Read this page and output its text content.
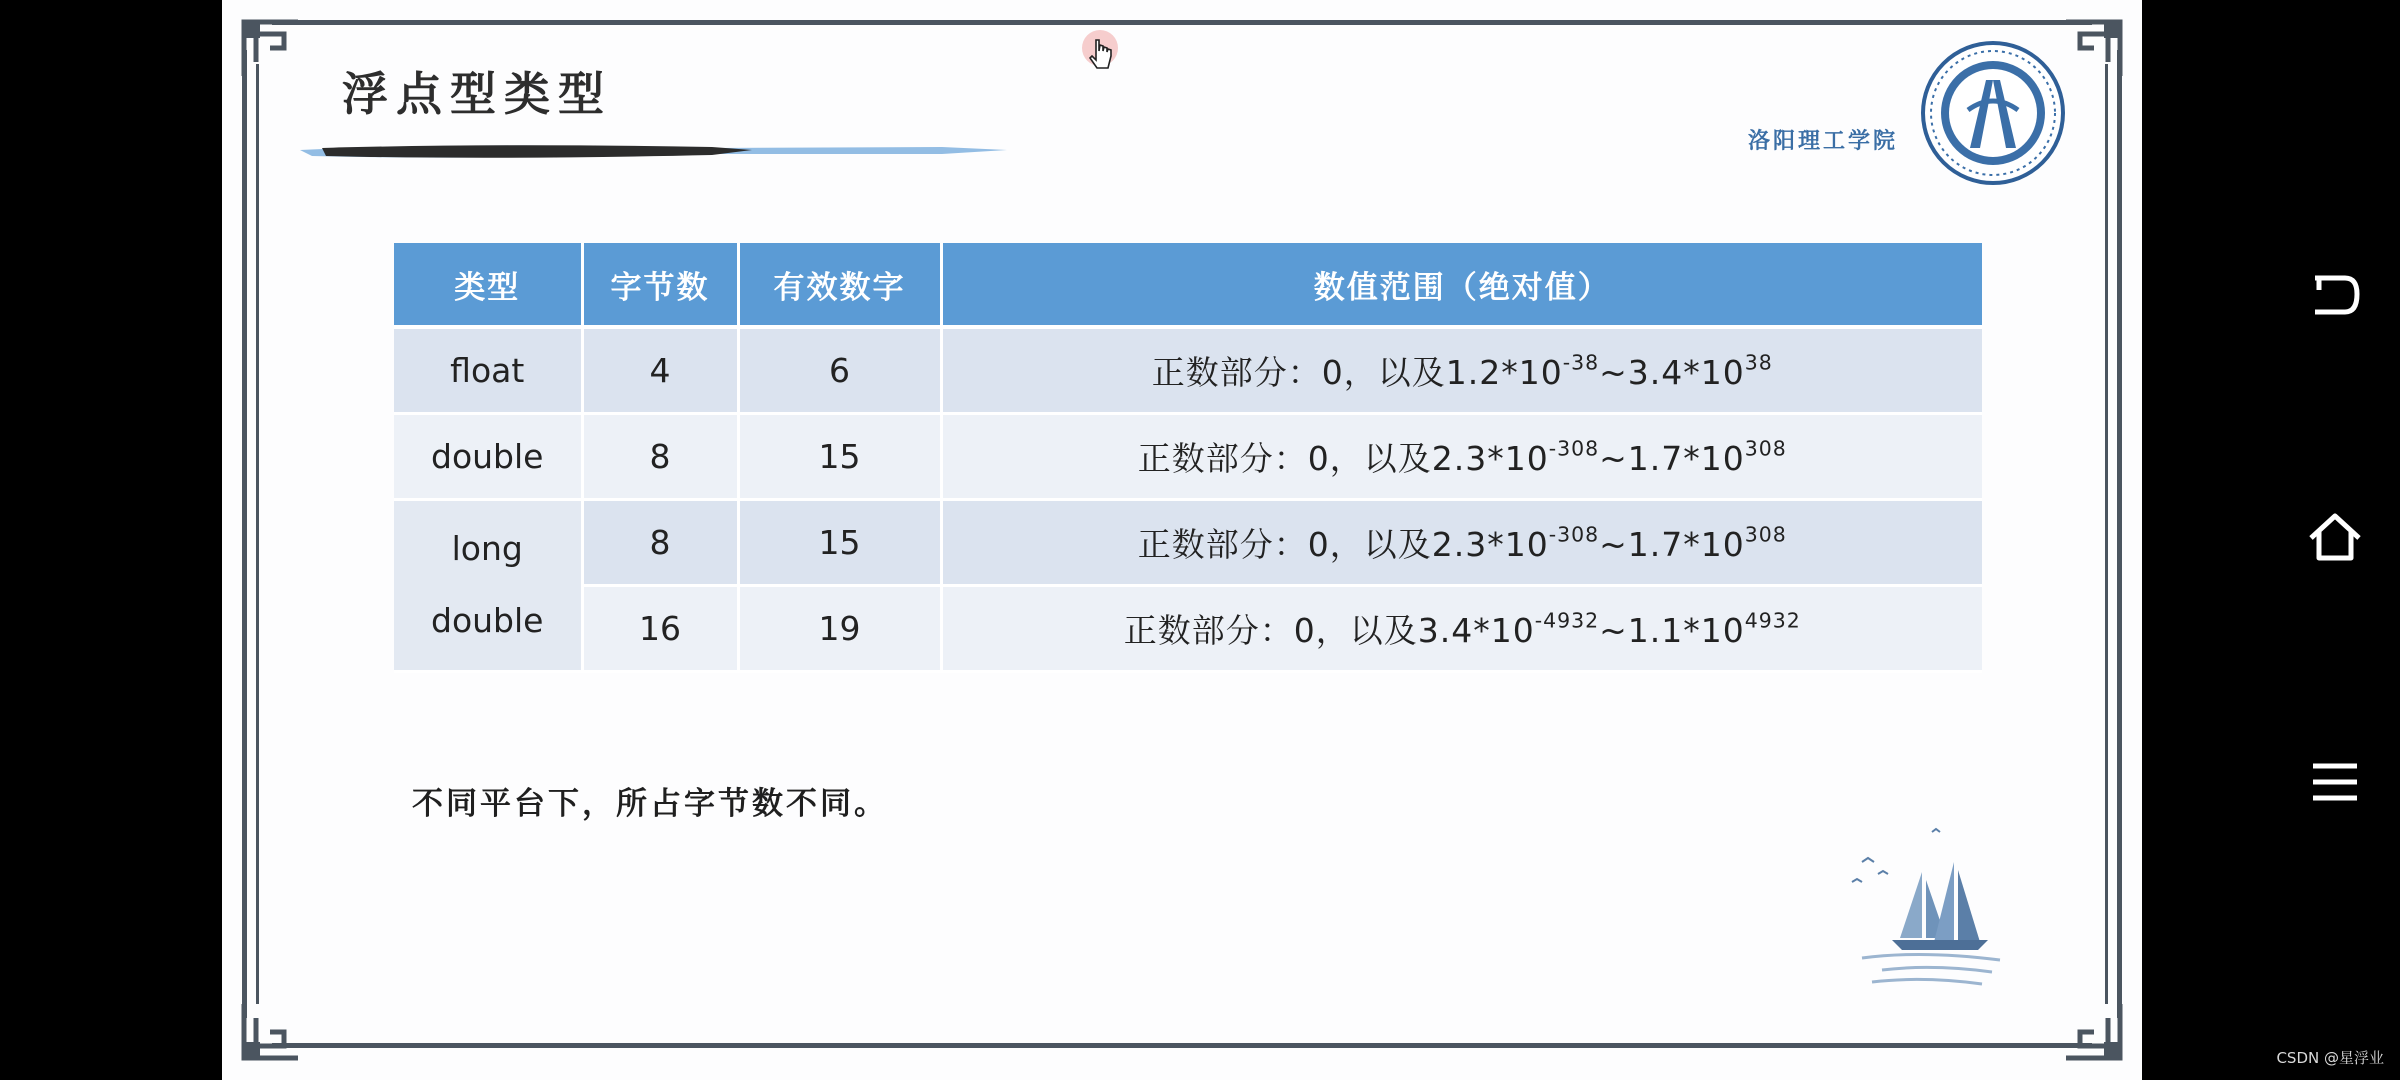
浮点型类型
洛阳理工学院
类型	字节数	有效数字	数值范围（绝对值）
float	4	6	正数部分：0，以及$1.2*10^{-38}\sim 3.4*10^{38}$
double	8	15	正数部分：0，以及$2.3*10^{-308}\sim 1.7*10^{308}$

long
double	8	15	正数部分：0，以及$2.3*10^{-308}\sim 1.7*10^{308}$
	16	19	正数部分：0，以及$3.4*10^{-4932}\sim 1.1*10^{4932}$
不同平台下，所占字节数不同。
CSDN @星浮业
